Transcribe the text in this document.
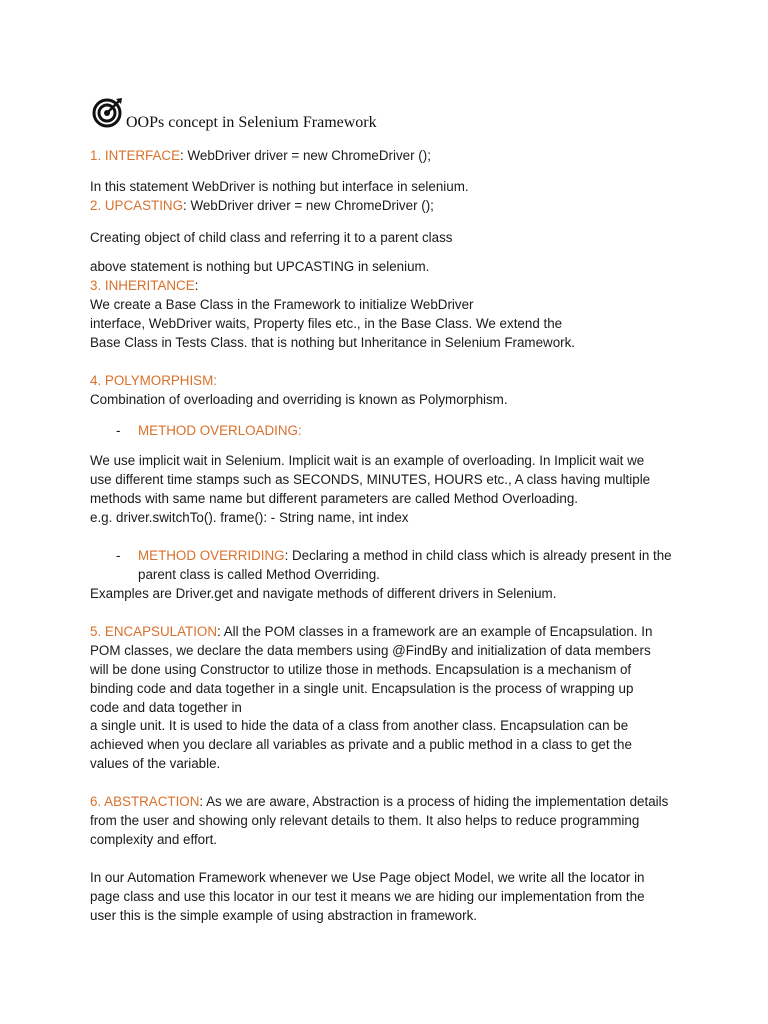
OOPs concept in Selenium Framework
1. INTERFACE: WebDriver driver = new ChromeDriver ();
In this statement WebDriver is nothing but interface in selenium.
2. UPCASTING: WebDriver driver = new ChromeDriver ();
Creating object of child class and referring it to a parent class
above statement is nothing but UPCASTING in selenium.
3. INHERITANCE:
We create a Base Class in the Framework to initialize WebDriver
interface, WebDriver waits, Property files etc., in the Base Class. We extend the
Base Class in Tests Class. that is nothing but Inheritance in Selenium Framework.
4. POLYMORPHISM:
Combination of overloading and overriding is known as Polymorphism.
- METHOD OVERLOADING:
We use implicit wait in Selenium. Implicit wait is an example of overloading. In Implicit wait we
use different time stamps such as SECONDS, MINUTES, HOURS etc., A class having multiple
methods with same name but different parameters are called Method Overloading.
e.g. driver.switchTo(). frame(): - String name, int index
- METHOD OVERRIDING: Declaring a method in child class which is already present in the
parent class is called Method Overriding.
Examples are Driver.get and navigate methods of different drivers in Selenium.
5. ENCAPSULATION: All the POM classes in a framework are an example of Encapsulation. In
POM classes, we declare the data members using @FindBy and initialization of data members
will be done using Constructor to utilize those in methods. Encapsulation is a mechanism of
binding code and data together in a single unit. Encapsulation is the process of wrapping up
code and data together in
a single unit. It is used to hide the data of a class from another class. Encapsulation can be
achieved when you declare all variables as private and a public method in a class to get the
values of the variable.
6. ABSTRACTION: As we are aware, Abstraction is a process of hiding the implementation details
from the user and showing only relevant details to them. It also helps to reduce programming
complexity and effort.
In our Automation Framework whenever we Use Page object Model, we write all the locator in
page class and use this locator in our test it means we are hiding our implementation from the
user this is the simple example of using abstraction in framework.
